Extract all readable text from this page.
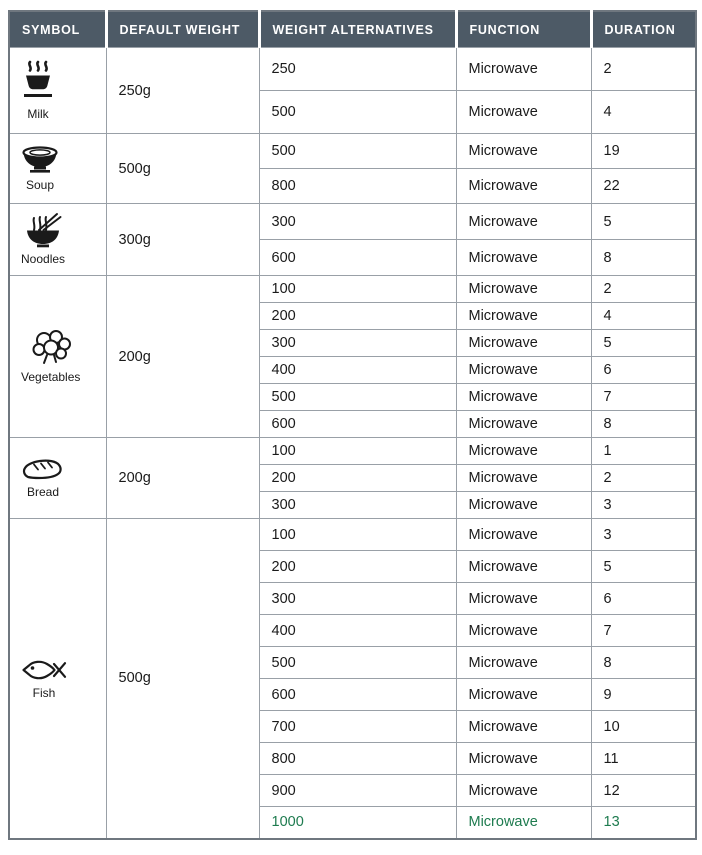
SYMBOL	DEFAULT WEIGHT	WEIGHT ALTERNATIVES	FUNCTION	DURATION

Milk	250g	250	Microwave	2
		500	Microwave	4

Soup	500g	500	Microwave	19
		800	Microwave	22

Noodles	300g	300	Microwave	5
		600	Microwave	8

Vegetables	200g	100	Microwave	2
		200	Microwave	4
		300	Microwave	5
		400	Microwave	6
		500	Microwave	7
		600	Microwave	8

Bread	200g	100	Microwave	1
		200	Microwave	2
		300	Microwave	3

Fish	500g	100	Microwave	3
		200	Microwave	5
		300	Microwave	6
		400	Microwave	7
		500	Microwave	8
		600	Microwave	9
		700	Microwave	10
		800	Microwave	11
		900	Microwave	12
		1000	Microwave	13
